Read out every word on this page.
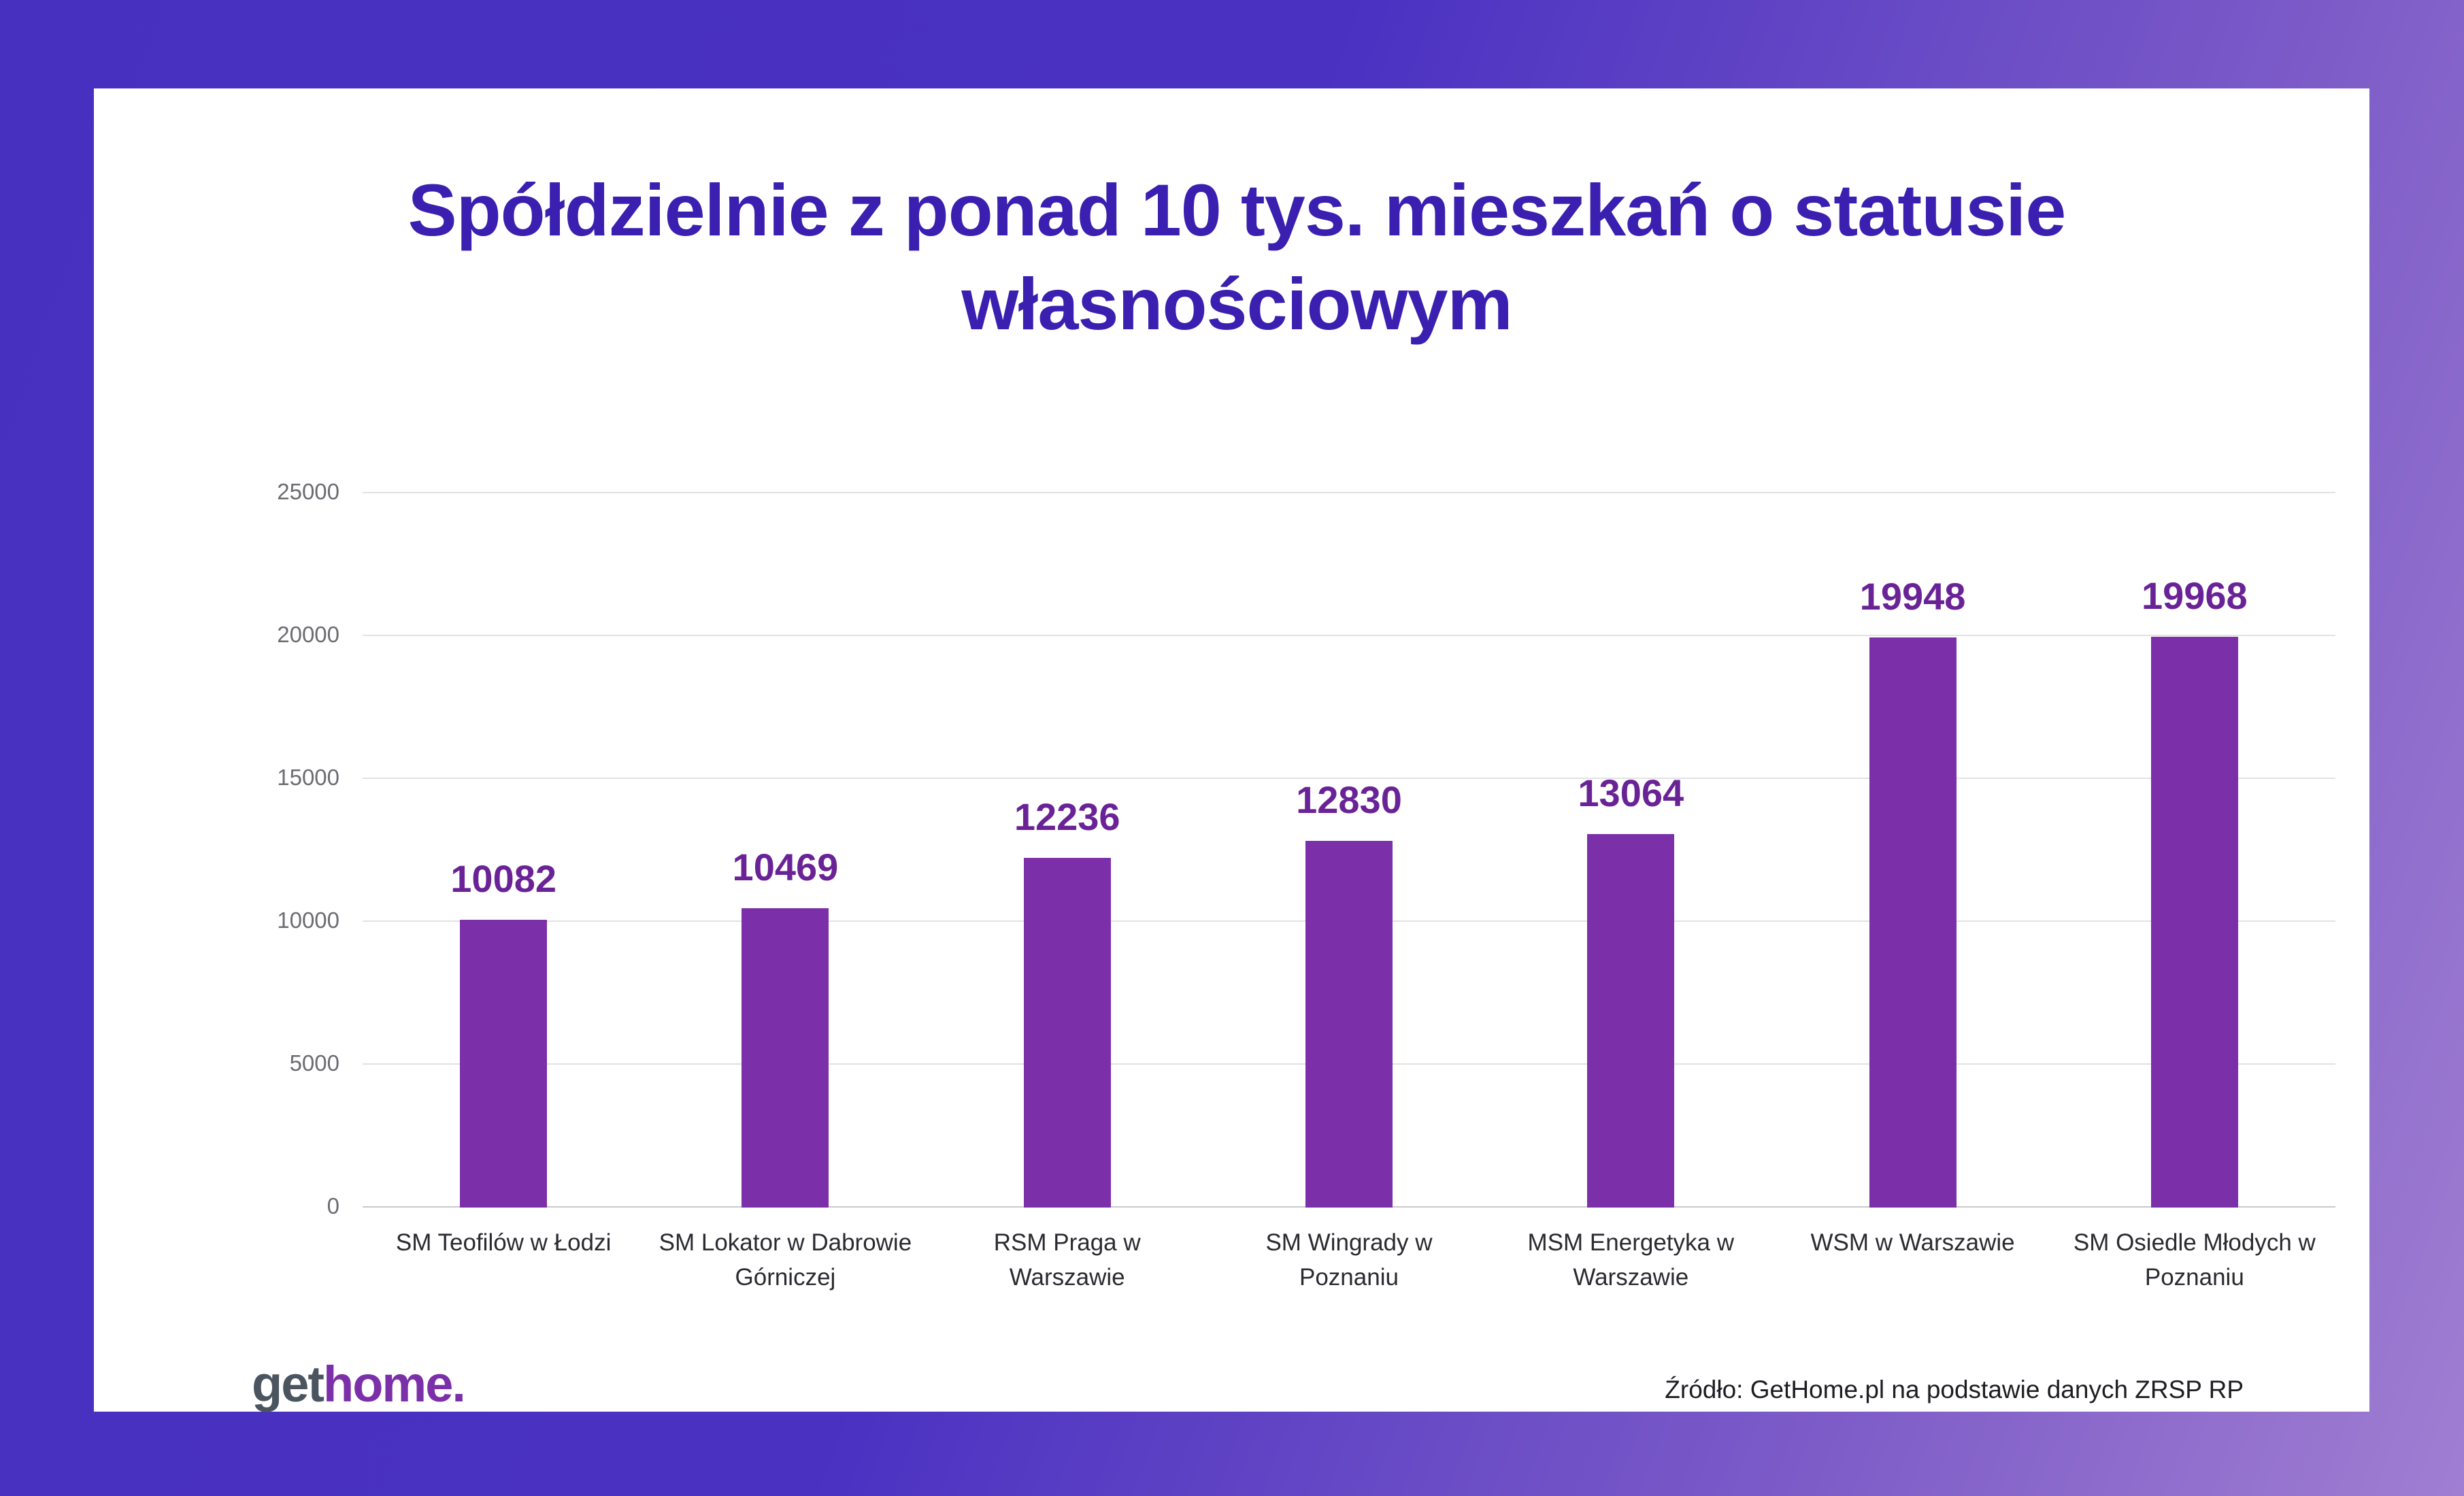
Spółdzielnie z ponad 10 tys. mieszkań o statusie własnościowym
0
5000
10000
15000
20000
25000
10082	10469
12236	12830	13064
19948	19968
SM Teofilów w Łodzi	SM Lokator w Dabrowie Górniczej
RSM Praga w Warszawie
SM Wingrady w Poznaniu
MSM Energetyka w Warszawie
WSM w Warszawie	SM Osiedle Młodych w Poznaniu
gethome.	Źródło: GetHome.pl na podstawie danych ZRSP RP
